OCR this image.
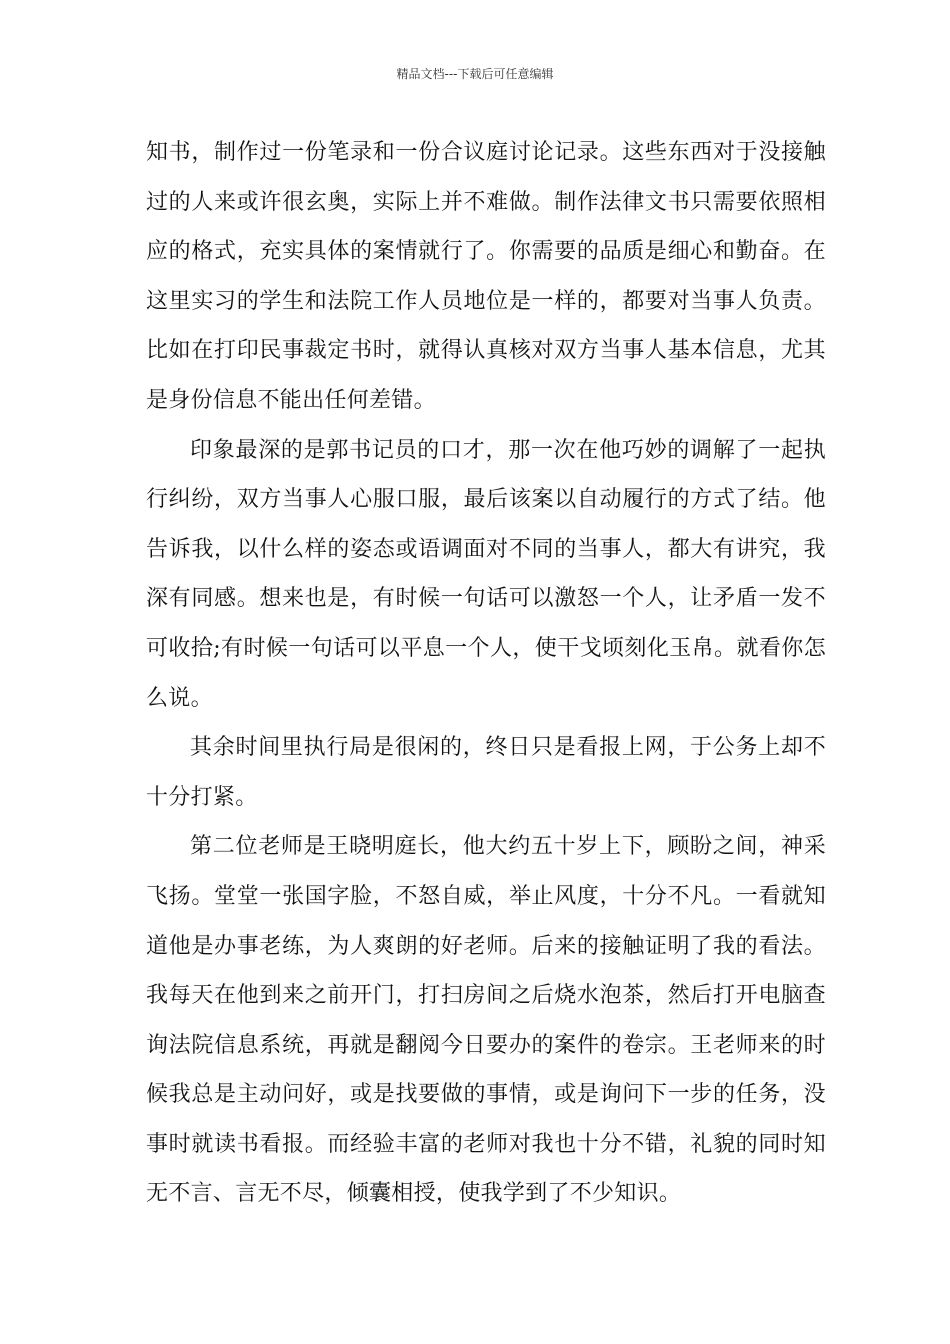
精品文档---下载后可任意编辑

知书，制作过一份笔录和一份合议庭讨论记录。这些东西对于没接触过的人来或许很玄奥，实际上并不难做。制作法律文书只需要依照相应的格式，充实具体的案情就行了。你需要的品质是细心和勤奋。在这里实习的学生和法院工作人员地位是一样的，都要对当事人负责。比如在打印民事裁定书时，就得认真核对双方当事人基本信息，尤其是身份信息不能出任何差错。

印象最深的是郭书记员的口才，那一次在他巧妙的调解了一起执行纠纷，双方当事人心服口服，最后该案以自动履行的方式了结。他告诉我，以什么样的姿态或语调面对不同的当事人，都大有讲究，我深有同感。想来也是，有时候一句话可以激怒一个人，让矛盾一发不可收拾;有时候一句话可以平息一个人，使干戈顷刻化玉帛。就看你怎么说。

其余时间里执行局是很闲的，终日只是看报上网，于公务上却不十分打紧。

第二位老师是王晓明庭长，他大约五十岁上下，顾盼之间，神采飞扬。堂堂一张国字脸，不怒自威，举止风度，十分不凡。一看就知道他是办事老练，为人爽朗的好老师。后来的接触证明了我的看法。我每天在他到来之前开门，打扫房间之后烧水泡茶，然后打开电脑查询法院信息系统，再就是翻阅今日要办的案件的卷宗。王老师来的时候我总是主动问好，或是找要做的事情，或是询问下一步的任务，没事时就读书看报。而经验丰富的老师对我也十分不错，礼貌的同时知无不言、言无不尽，倾囊相授，使我学到了不少知识。
